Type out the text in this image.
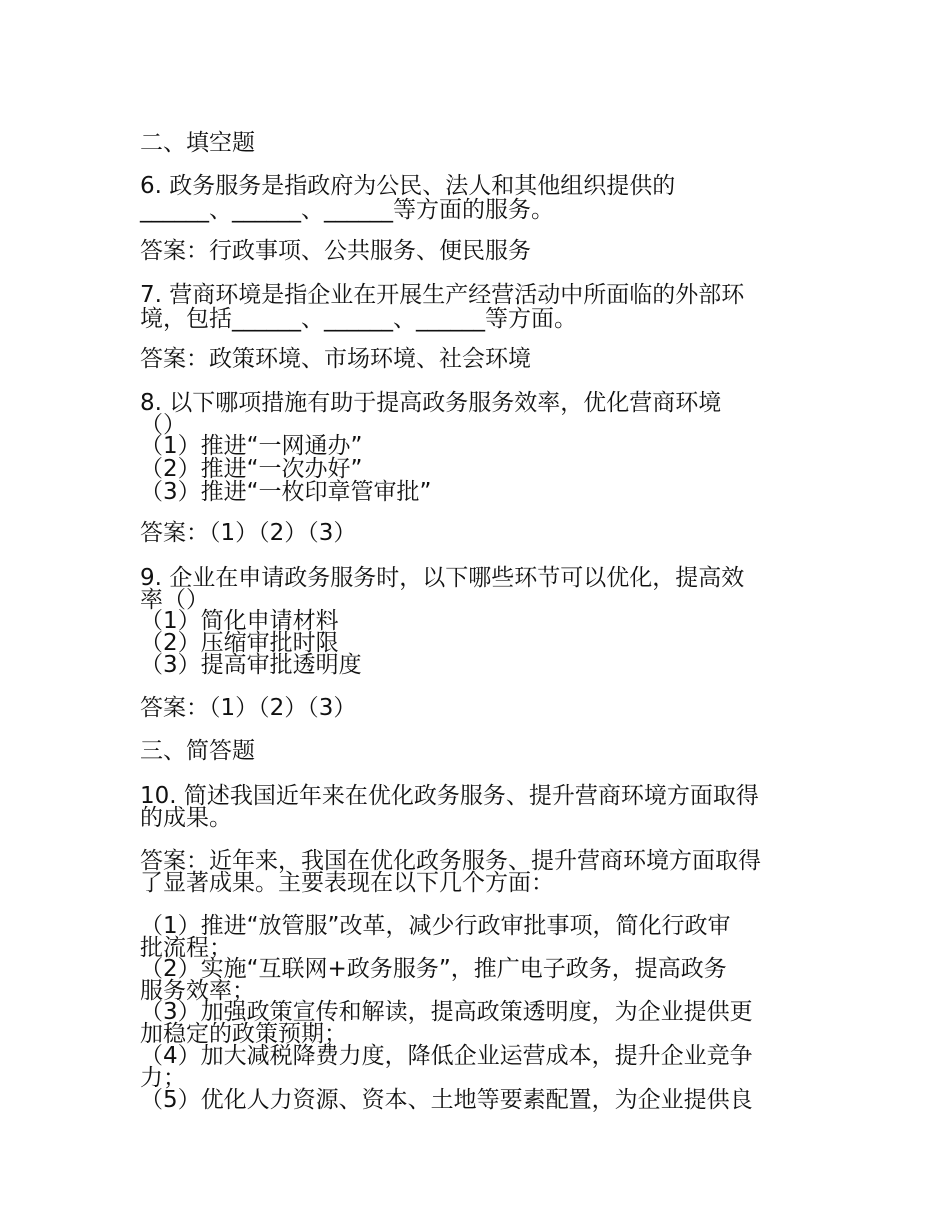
二、填空题

6. 政务服务是指政府为公民、法人和其他组织提供的

______、______、______等方面的服务。

答案：行政事项、公共服务、便民服务

7. 营商环境是指企业在开展生产经营活动中所面临的外部环

境，包括______、______、______等方面。

答案：政策环境、市场环境、社会环境

8. 以下哪项措施有助于提高政务服务效率，优化营商环境

（）

（1）推进“一网通办”

（2）推进“一次办好”

（3）推进“一枚印章管审批”

答案：（1）（2）（3）

9. 企业在申请政务服务时，以下哪些环节可以优化，提高效

率（）

（1）简化申请材料

（2）压缩审批时限

（3）提高审批透明度

答案：（1）（2）（3）

三、简答题

10. 简述我国近年来在优化政务服务、提升营商环境方面取得

的成果。

答案：近年来，我国在优化政务服务、提升营商环境方面取得

了显著成果。主要表现在以下几个方面：

（1）推进“放管服”改革，减少行政审批事项，简化行政审

批流程；

（2）实施“互联网+政务服务”，推广电子政务，提高政务

服务效率；

（3）加强政策宣传和解读，提高政策透明度，为企业提供更

加稳定的政策预期；

（4）加大减税降费力度，降低企业运营成本，提升企业竞争

力；

（5）优化人力资源、资本、土地等要素配置，为企业提供良
